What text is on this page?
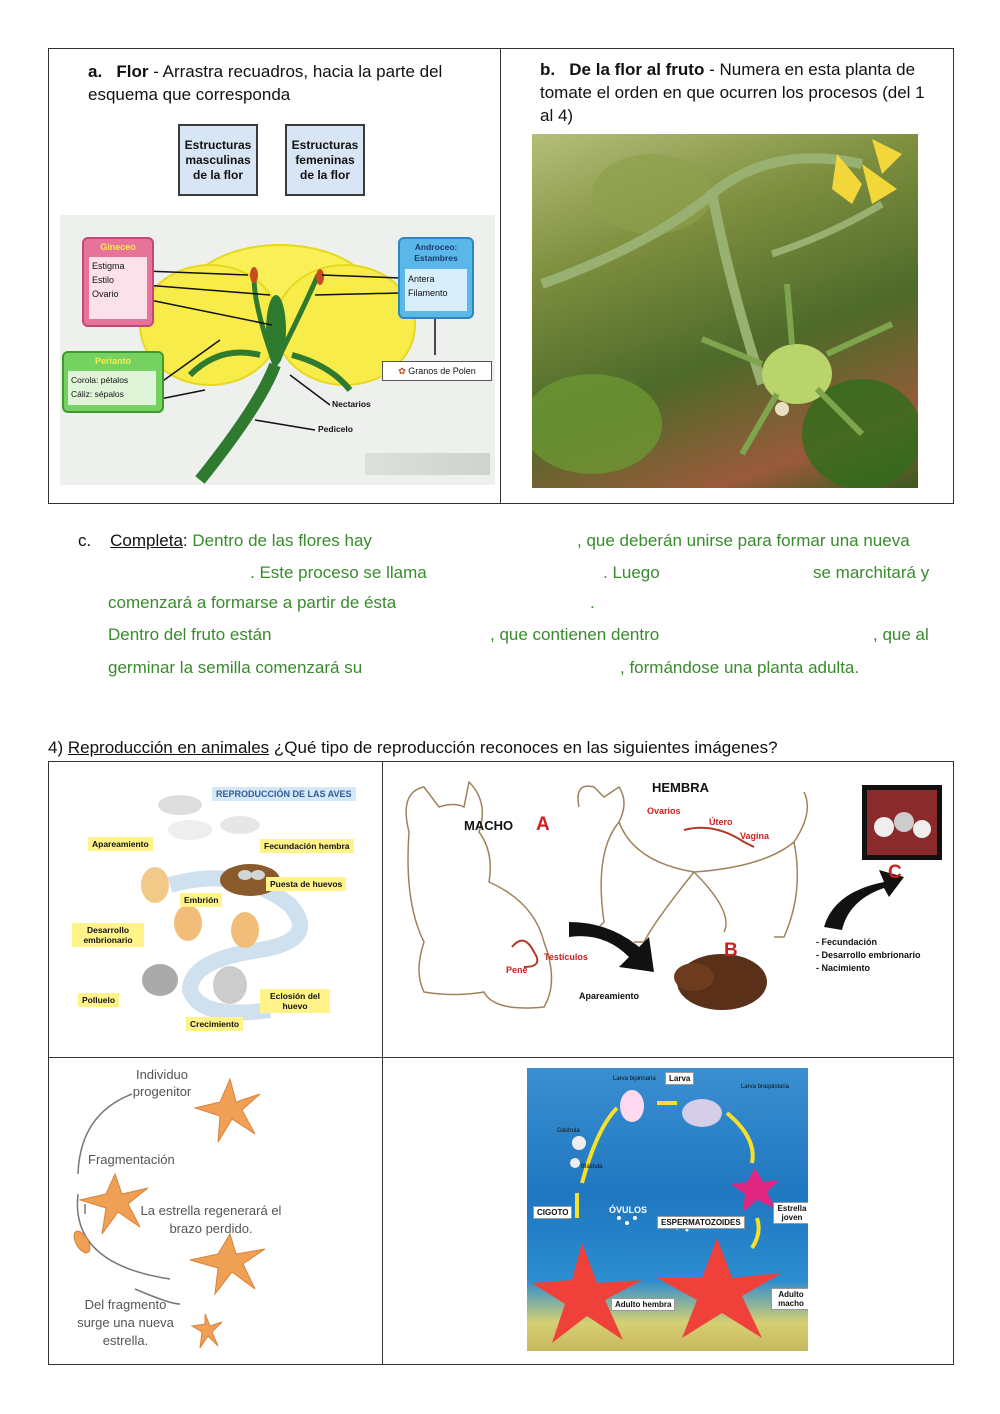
a. Flor - Arrastra recuadros, hacia la parte del esquema que corresponda
Estructuras masculinas de la flor
Estructuras femeninas de la flor
Gineceo
Estigma
Estilo
Ovario
Androceo: Estambres
Antera
Filamento
✿ Granos de Polen
Perianto
Corola: pétalos
Cáliz: sépalos
Nectarios
Pedicelo
b. De la flor al fruto - Numera en esta planta de tomate el orden en que ocurren los procesos (del 1 al 4)
c. Completa: Dentro de las flores hay	, que deberán unirse para formar una nueva
. Este proceso se llama	. Luego	se marchitará y
comenzará a formarse a partir de ésta	.
Dentro del fruto están	, que contienen dentro	, que al
germinar la semilla comenzará su	, formándose una planta adulta.
4) Reproducción en animales ¿Qué tipo de reproducción reconoces en las siguientes imágenes?
REPRODUCCIÓN DE LAS AVES
Apareamiento	Fecundación hembra
Puesta de huevos
Embrión
Desarrollo embrionario
Polluelo	Eclosión del huevo
Crecimiento
MACHO A
HEMBRA
Ovarios
Útero
Vagina
Testículos
Pene
Apareamiento
B
C
- Fecundación
- Desarrollo embrionario
- Nacimiento
Individuo progenitor
Fragmentación
La estrella regenerará el brazo perdido.
Del fragmento surge una nueva estrella.
Larva
Larva bipinnaria
Larva braquiolaria
Gástrula
Blástula
CIGOTO	ÓVULOS
ESPERMATOZOIDES
Estrella joven
Adulto hembra
Adulto macho
